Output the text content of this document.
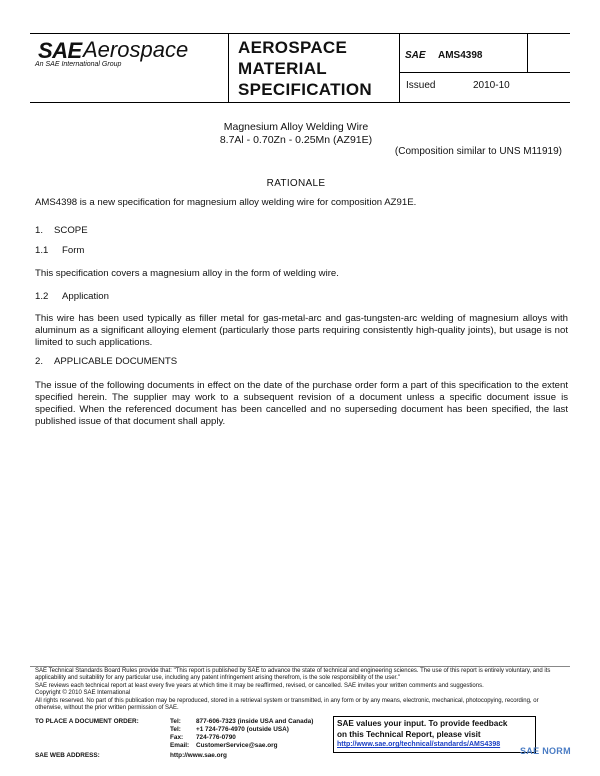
SAE Aerospace
An SAE International Group
AEROSPACE
MATERIAL
SPECIFICATION
SAE AMS4398
Issued	2010-10
Magnesium Alloy Welding Wire
8.7Al - 0.70Zn - 0.25Mn (AZ91E)
(Composition similar to UNS M11919)
RATIONALE
AMS4398 is a new specification for magnesium alloy welding wire for composition AZ91E.
1. SCOPE
1.1 Form
This specification covers a magnesium alloy in the form of welding wire.
1.2 Application
This wire has been used typically as filler metal for gas-metal-arc and gas-tungsten-arc welding of magnesium alloys with aluminum as a significant alloying element (particularly those parts requiring consistently high-quality joints), but usage is not limited to such applications.
2. APPLICABLE DOCUMENTS
The issue of the following documents in effect on the date of the purchase order form a part of this specification to the extent specified herein. The supplier may work to a subsequent revision of a document unless a specific document issue is specified. When the referenced document has been cancelled and no superseding document has been specified, the last published issue of that document shall apply.
SAE Technical Standards Board Rules provide that: "This report is published by SAE to advance the state of technical and engineering sciences. The use of this report is entirely voluntary, and its applicability and suitability for any particular use, including any patent infringement arising therefrom, is the sole responsibility of the user."
SAE reviews each technical report at least every five years at which time it may be reaffirmed, revised, or cancelled. SAE invites your written comments and suggestions.
Copyright © 2010 SAE International
All rights reserved. No part of this publication may be reproduced, stored in a retrieval system or transmitted, in any form or by any means, electronic, mechanical, photocopying, recording, or otherwise, without the prior written permission of SAE.
TO PLACE A DOCUMENT ORDER:	Tel: 877-606-7323 (inside USA and Canada)
Tel: +1 724-776-4970 (outside USA)
Fax: 724-776-0790
Email: CustomerService@sae.org
SAE WEB ADDRESS:	http://www.sae.org
SAE values your input. To provide feedback
on this Technical Report, please visit
http://www.sae.org/technical/standards/AMS4398
SAE NORM
